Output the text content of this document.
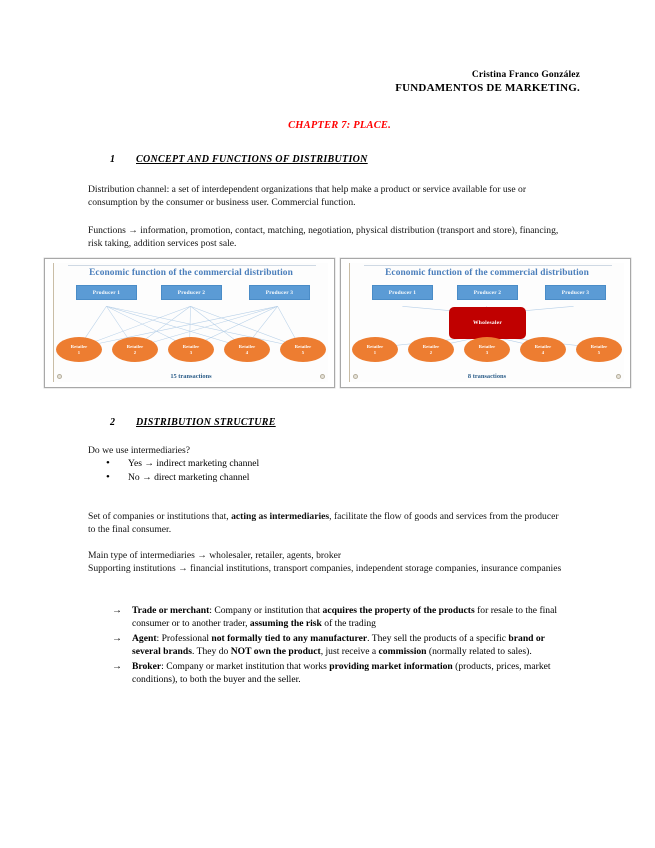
Cristina Franco González
FUNDAMENTOS DE MARKETING.
CHAPTER 7: PLACE.
1 CONCEPT AND FUNCTIONS OF DISTRIBUTION
Distribution channel: a set of interdependent organizations that help make a product or service available for use or consumption by the consumer or business user. Commercial function.
Functions → information, promotion, contact, matching, negotiation, physical distribution (transport and store), financing, risk taking, addition services post sale.
Economic function of the commercial distribution
Producer 1	Producer 2	Producer 3
Retailer
1
Retailer
2
Retailer
3
Retailer
4
Retailer
5
15 transactions
Economic function of the commercial distribution
Producer 1	Producer 2	Producer 3
Wholesaler
Retailer
1
Retailer
2
Retailer
3
Retailer
4
Retailer
5
8 transactions
2 DISTRIBUTION STRUCTURE
Do we use intermediaries?
• Yes → indirect marketing channel
• No → direct marketing channel
Set of companies or institutions that, acting as intermediaries, facilitate the flow of goods and services from the producer to the final consumer.
Main type of intermediaries → wholesaler, retailer, agents, broker
Supporting institutions → financial institutions, transport companies, independent storage companies, insurance companies
→ Trade or merchant: Company or institution that acquires the property of the products for resale to the final consumer or to another trader, assuming the risk of the trading
→ Agent: Professional not formally tied to any manufacturer. They sell the products of a specific brand or several brands. They do NOT own the product, just receive a commission (normally related to sales).
→ Broker: Company or market institution that works providing market information (products, prices, market conditions), to both the buyer and the seller.
